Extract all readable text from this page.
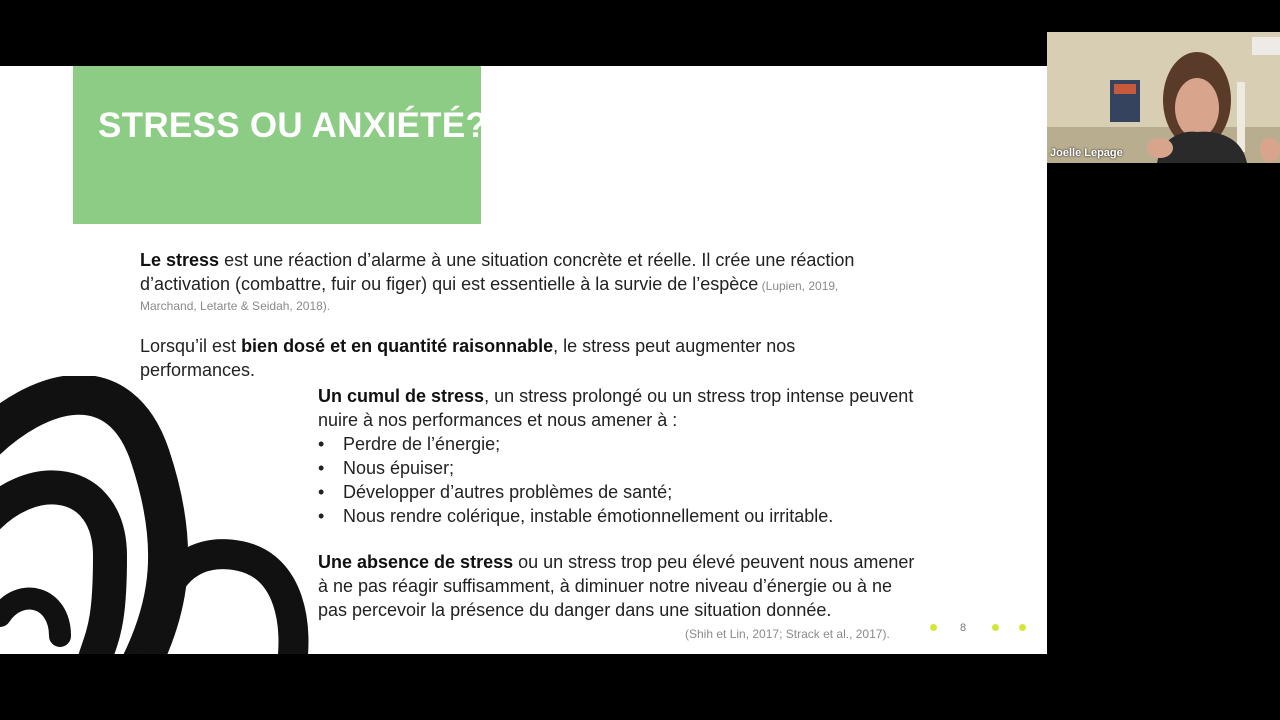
STRESS OU ANXIÉTÉ?
Le stress est une réaction d’alarme à une situation concrète et réelle. Il crée une réaction d’activation (combattre, fuir ou figer) qui est essentielle à la survie de l’espèce (Lupien, 2019,
Marchand, Letarte & Seidah, 2018).
Lorsqu’il est bien dosé et en quantité raisonnable, le stress peut augmenter nos performances.
Un cumul de stress, un stress prolongé ou un stress trop intense peuvent nuire à nos performances et nous amener à :
• Perdre de l’énergie;
• Nous épuiser;
• Développer d’autres problèmes de santé;
• Nous rendre colérique, instable émotionnellement ou irritable.
Une absence de stress ou un stress trop peu élevé peuvent nous amener à ne pas réagir suffisamment, à diminuer notre niveau d’énergie ou à ne pas percevoir la présence du danger dans une situation donnée.
(Shih et Lin, 2017; Strack et al., 2017).	8
Joelle Lepage
